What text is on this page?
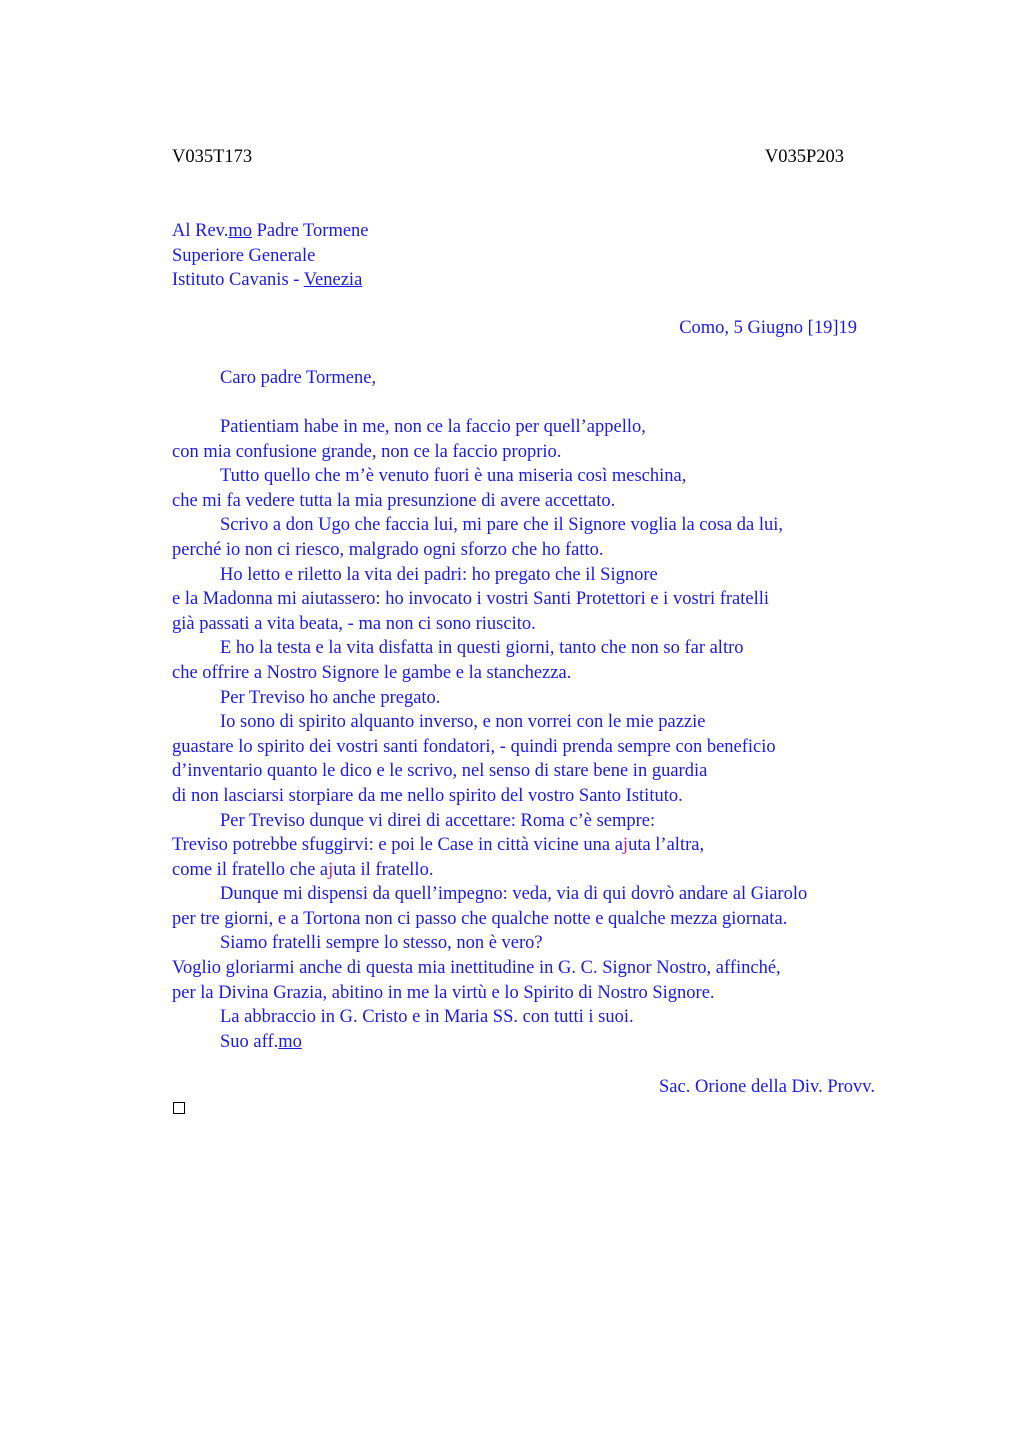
V035T173	V035P203
Al Rev.mo Padre Tormene
Superiore Generale
Istituto Cavanis - Venezia
Como, 5 Giugno [19]19
Caro padre Tormene,
Patientiam habe in me, non ce la faccio per quell’appello,
con mia confusione grande, non ce la faccio proprio.
Tutto quello che m’è venuto fuori è una miseria così meschina,
che mi fa vedere tutta la mia presunzione di avere accettato.
Scrivo a don Ugo che faccia lui, mi pare che il Signore voglia la cosa da lui,
perché io non ci riesco, malgrado ogni sforzo che ho fatto.
Ho letto e riletto la vita dei padri: ho pregato che il Signore
e la Madonna mi aiutassero: ho invocato i vostri Santi Protettori e i vostri fratelli
già passati a vita beata, - ma non ci sono riuscito.
E ho la testa e la vita disfatta in questi giorni, tanto che non so far altro
che offrire a Nostro Signore le gambe e la stanchezza.
Per Treviso ho anche pregato.
Io sono di spirito alquanto inverso, e non vorrei con le mie pazzie
guastare lo spirito dei vostri santi fondatori, - quindi prenda sempre con beneficio
d’inventario quanto le dico e le scrivo, nel senso di stare bene in guardia
di non lasciarsi storpiare da me nello spirito del vostro Santo Istituto.
Per Treviso dunque vi direi di accettare: Roma c’è sempre:
Treviso potrebbe sfuggirvi: e poi le Case in città vicine una ajuta l’altra,
come il fratello che ajuta il fratello.
Dunque mi dispensi da quell’impegno: veda, via di qui dovrò andare al Giarolo
per tre giorni, e a Tortona non ci passo che qualche notte e qualche mezza giornata.
Siamo fratelli sempre lo stesso, non è vero?
Voglio gloriarmi anche di questa mia inettitudine in G. C. Signor Nostro, affinché,
per la Divina Grazia, abitino in me la virtù e lo Spirito di Nostro Signore.
La abbraccio in G. Cristo e in Maria SS. con tutti i suoi.
Suo aff.mo
Sac. Orione della Div. Provv.
